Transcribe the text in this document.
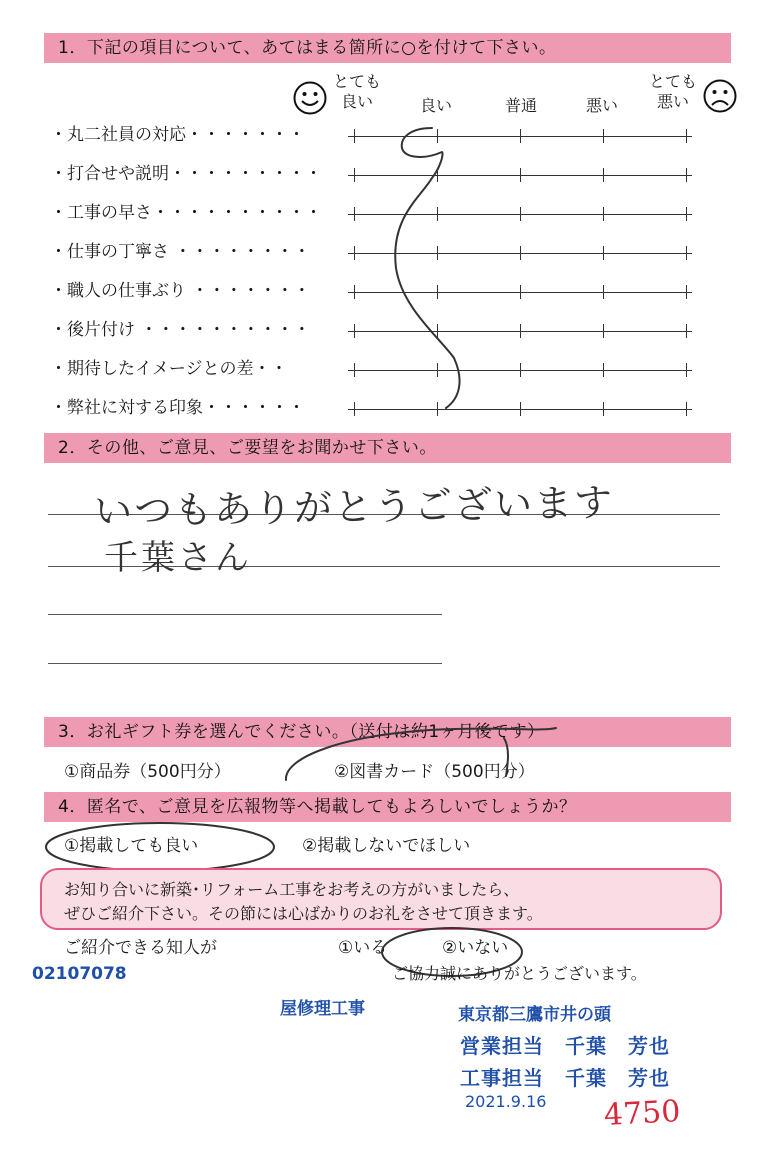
1．下記の項目について、あてはまる箇所に○を付けて下さい。
とても
良い	良い	普通	悪い
とても
悪い
・丸二社員の対応・・・・・・・
・打合せや説明・・・・・・・・・
・工事の早さ・・・・・・・・・・
・仕事の丁寧さ ・・・・・・・・
・職人の仕事ぶり ・・・・・・・
・後片付け ・・・・・・・・・・
・期待したイメージとの差・・
・弊社に対する印象・・・・・・
2．その他、ご意見、ご要望をお聞かせ下さい。
いつもありがとうございます
千葉さん
3．お礼ギフト券を選んでください。（送付は約1ヶ月後です）
①商品券（500円分）	②図書カード（500円分）
4．匿名で、ご意見を広報物等へ掲載してもよろしいでしょうか？
①掲載しても良い	②掲載しないでほしい
お知り合いに新築･リフォーム工事をお考えの方がいましたら、
ぜひご紹介下さい。その節には心ばかりのお礼をさせて頂きます。
ご紹介できる知人が	①いる	②いない
ご協力誠にありがとうございます。
02107078
屋修理工事	東京都三鷹市井の頭
営業担当　千葉　芳也
工事担当　千葉　芳也
2021.9.16 4750
